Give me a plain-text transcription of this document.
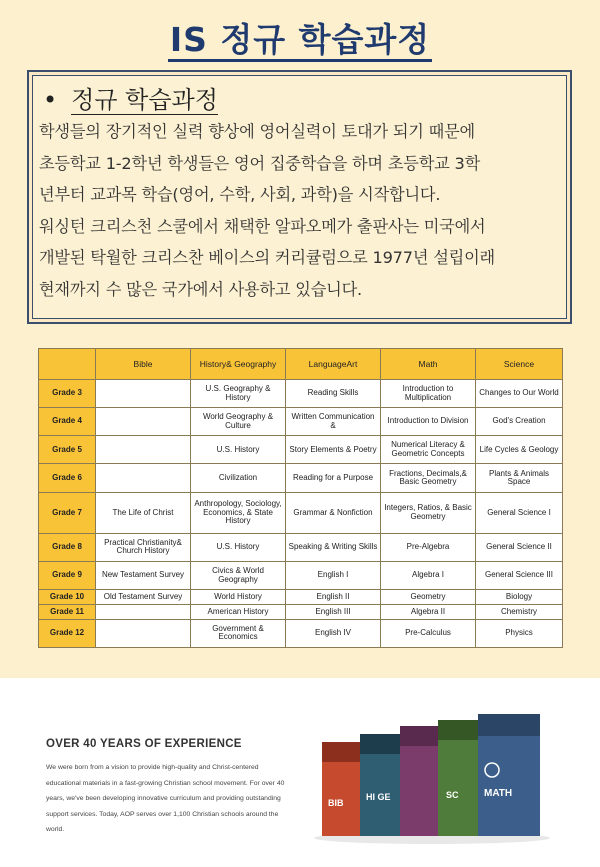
IS 정규 학습과정
• 정규 학습과정
학생들의 장기적인 실력 향상에 영어실력이 토대가 되기 때문에
초등학교 1-2학년 학생들은 영어 집중학습을 하며 초등학교 3학
년부터 교과목 학습(영어, 수학, 사회, 과학)을 시작합니다.
워싱턴 크리스천 스쿨에서 채택한 알파오메가 출판사는 미국에서
개발된 탁월한 크리스찬 베이스의 커리큘럼으로 1977년 설립이래
현재까지 수 많은 국가에서 사용하고 있습니다.
	Bible	History& Geography	LanguageArt	Math	Science
Grade 3		U.S. Geography & History	Reading Skills	Introduction to Multiplication	Changes to Our World
Grade 4		World Geography & Culture	Written Communication &	Introduction to Division	God's Creation
Grade 5		U.S. History	Story Elements & Poetry	Numerical Literacy & Geometric Concepts	Life Cycles & Geology
Grade 6		Civilization	Reading for a Purpose	Fractions, Decimals,& Basic Geometry	Plants & Animals Space
Grade 7	The Life of Christ	Anthropology, Sociology, Economics, & State History	Grammar & Nonfiction	Integers, Ratios, & Basic Geometry	General Science I
Grade 8	Practical Christianity& Church History	U.S. History	Speaking & Writing Skills	Pre-Algebra	General Science II
Grade 9	New Testament Survey	Civics & World Geography	English I	Algebra I	General Science III
Grade 10	Old Testament Survey	World History	English II	Geometry	Biology
Grade 11		American History	English III	Algebra II	Chemistry
Grade 12		Government & Economics	English IV	Pre-Calculus	Physics
OVER 40 YEARS OF EXPERIENCE
We were born from a vision to provide high-quality and Christ-centered
educational materials in a fast-growing Christian school movement. For over 40
years, we've been developing innovative curriculum and providing outstanding
support services. Today, AOP serves over 1,100 Christian schools around the
world.
BIB
HI GE	SC	MATH
